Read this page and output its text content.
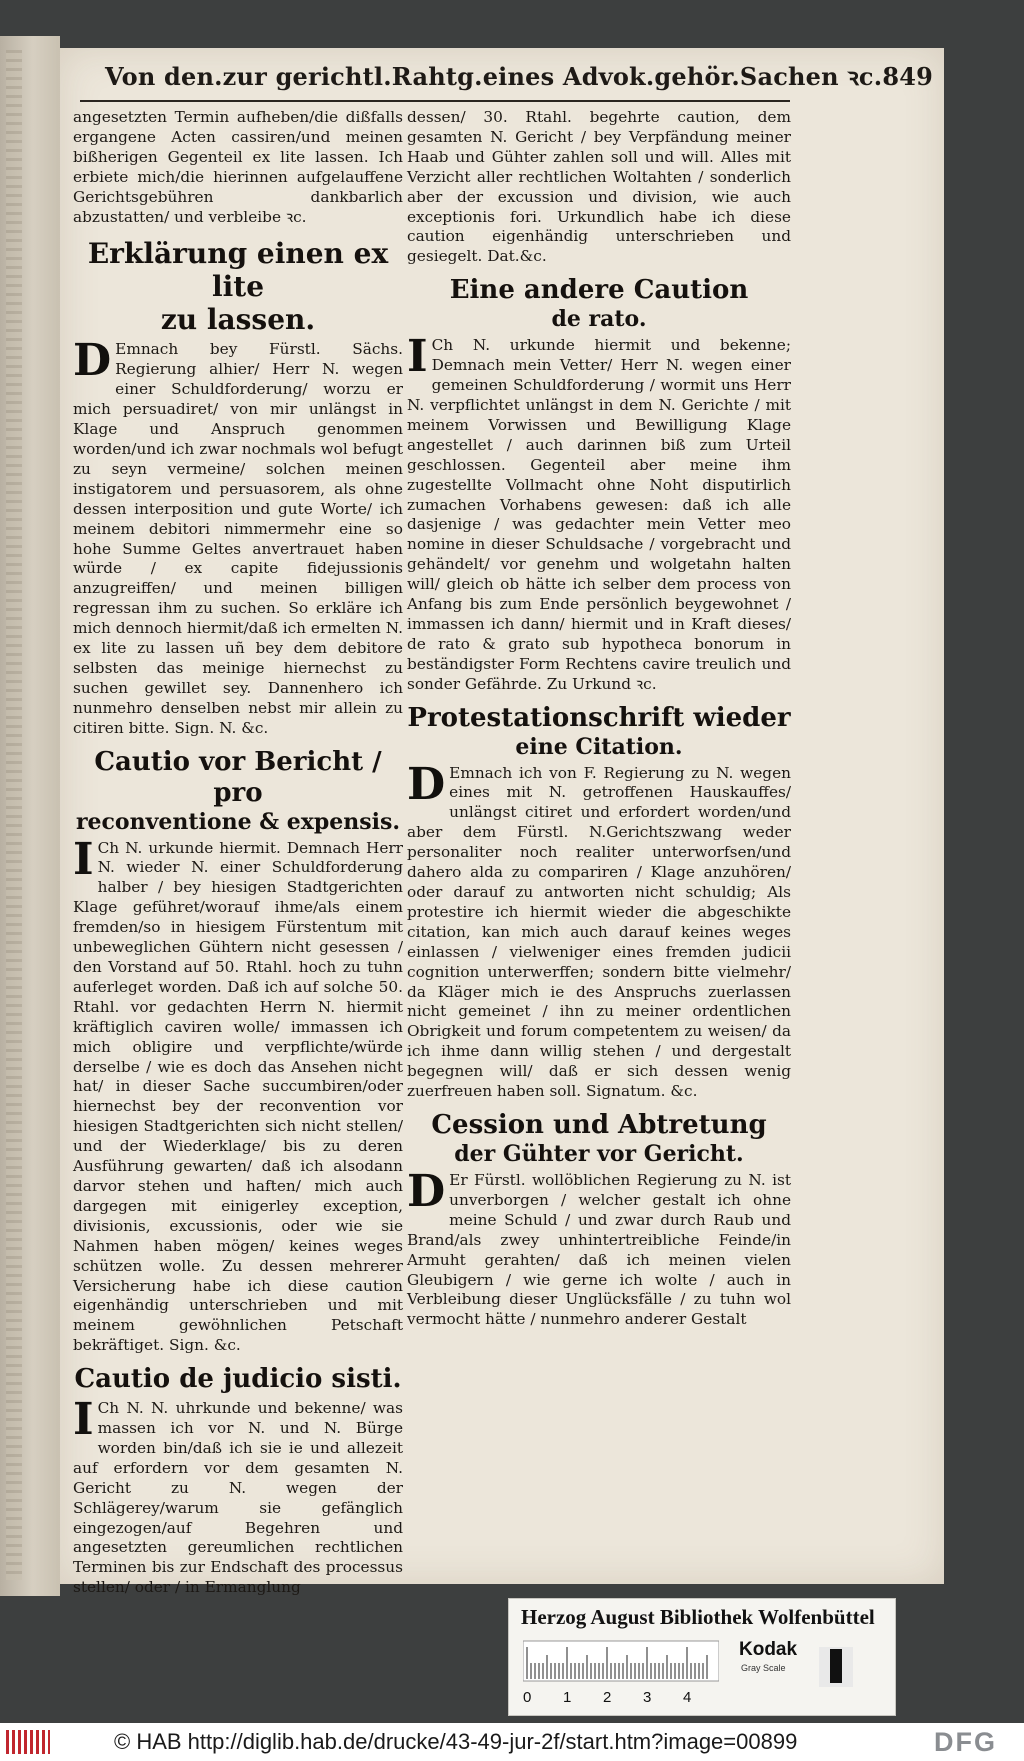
Von den.zur gerichtl.Rahtg.eines Advok.gehör.Sachen ꝛc. 849

angesetzten Termin aufheben/die dißfalls ergangene Acten cassiren/und meinen bißherigen Gegenteil ex lite lassen. Ich erbiete mich/die hierinnen aufgelauffene Gerichtsgebühren dankbarlich abzustatten/ und verbleibe ꝛc.

Erklärung einen ex lite
zu lassen.

D Emnach bey Fürstl. Sächs. Regierung alhier/ Herr N. wegen einer Schuldforderung/ worzu er mich persuadiret/ von mir unlängst in Klage und Anspruch genommen worden/und ich zwar nochmals wol befugt zu seyn vermeine/ solchen meinen instigatorem und persuasorem, als ohne dessen interposition und gute Worte/ ich meinem debitori nimmermehr eine so hohe Summe Geltes anvertrauet haben würde / ex capite fidejussionis anzugreiffen/ und meinen billigen regressan ihm zu suchen. So erkläre ich mich dennoch hiermit/daß ich ermelten N. ex lite zu lassen uñ bey dem debitore selbsten das meinige hiernechst zu suchen gewillet sey. Dannenhero ich nunmehro denselben nebst mir allein zu citiren bitte. Sign. N. &c.

Cautio vor Bericht / pro
reconventione & expensis.

I Ch N. urkunde hiermit. Demnach Herr N. wieder N. einer Schuldforderung halber / bey hiesigen Stadtgerichten Klage geführet/worauf ihme/als einem fremden/so in hiesigem Fürstentum mit unbeweglichen Gühtern nicht gesessen / den Vorstand auf 50. Rtahl. hoch zu tuhn auferleget worden. Daß ich auf solche 50. Rtahl. vor gedachten Herrn N. hiermit kräftiglich caviren wolle/ immassen ich mich obligire und verpflichte/würde derselbe / wie es doch das Ansehen nicht hat/ in dieser Sache succumbiren/oder hiernechst bey der reconvention vor hiesigen Stadtgerichten sich nicht stellen/ und der Wiederklage/ bis zu deren Ausführung gewarten/ daß ich alsodann darvor stehen und haften/ mich auch dargegen mit einigerley exception, divisionis, excussionis, oder wie sie Nahmen haben mögen/ keines weges schützen wolle. Zu dessen mehrerer Versicherung habe ich diese caution eigenhändig unterschrieben und mit meinem gewöhnlichen Petschaft bekräftiget. Sign. &c.

Cautio de judicio sisti.

I Ch N. N. uhrkunde und bekenne/ was massen ich vor N. und N. Bürge worden bin/daß ich sie ie und allezeit auf erfordern vor dem gesamten N. Gericht zu N. wegen der Schlägerey/warum sie gefänglich eingezogen/auf Begehren und angesetzten gereumlichen rechtlichen Terminen bis zur Endschaft des processus stellen/ oder / in Ermanglung

dessen/ 30. Rtahl. begehrte caution, dem gesamten N. Gericht / bey Verpfändung meiner Haab und Gühter zahlen soll und will. Alles mit Verzicht aller rechtlichen Woltahten / sonderlich aber der excussion und division, wie auch exceptionis fori. Urkundlich habe ich diese caution eigenhändig unterschrieben und gesiegelt. Dat.&c.

Eine andere Caution
de rato.

I Ch N. urkunde hiermit und bekenne; Demnach mein Vetter/ Herr N. wegen einer gemeinen Schuldforderung / wormit uns Herr N. verpflichtet unlängst in dem N. Gerichte / mit meinem Vorwissen und Bewilligung Klage angestellet / auch darinnen biß zum Urteil geschlossen. Gegenteil aber meine ihm zugestellte Vollmacht ohne Noht disputirlich zumachen Vorhabens gewesen: daß ich alle dasjenige / was gedachter mein Vetter meo nomine in dieser Schuldsache / vorgebracht und gehändelt/ vor genehm und wolgetahn halten will/ gleich ob hätte ich selber dem process von Anfang bis zum Ende persönlich beygewohnet / immassen ich dann/ hiermit und in Kraft dieses/ de rato & grato sub hypotheca bonorum in beständigster Form Rechtens cavire treulich und sonder Gefährde. Zu Urkund ꝛc.

Protestationschrift wieder
eine Citation.

D Emnach ich von F. Regierung zu N. wegen eines mit N. getroffenen Hauskauffes/ unlängst citiret und erfordert worden/und aber dem Fürstl. N.Gerichtszwang weder personaliter noch realiter unterworfsen/und dahero alda zu compariren / Klage anzuhören/ oder darauf zu antworten nicht schuldig; Als protestire ich hiermit wieder die abgeschikte citation, kan mich auch darauf keines weges einlassen / vielweniger eines fremden judicii cognition unterwerffen; sondern bitte vielmehr/ da Kläger mich ie des Anspruchs zuerlassen nicht gemeinet / ihn zu meiner ordentlichen Obrigkeit und forum competentem zu weisen/ da ich ihme dann willig stehen / und dergestalt begegnen will/ daß er sich dessen wenig zuerfreuen haben soll. Signatum. &c.

Cession und Abtretung
der Gühter vor Gericht.

D Er Fürstl. wollöblichen Regierung zu N. ist unverborgen / welcher gestalt ich ohne meine Schuld / und zwar durch Raub und Brand/als zwey unhintertreibliche Feinde/in Armuht gerahten/ daß ich meinen vielen Gleubigern / wie gerne ich wolte / auch in Verbleibung dieser Unglücksfälle / zu tuhn wol vermocht hätte / nunmehro anderer Gestalt

Herzog August Bibliothek Wolfenbüttel
0 1 2 3 4
Kodak
Gray Scale
© HAB http://diglib.hab.de/drucke/43-49-jur-2f/start.htm?image=00899	DFG
